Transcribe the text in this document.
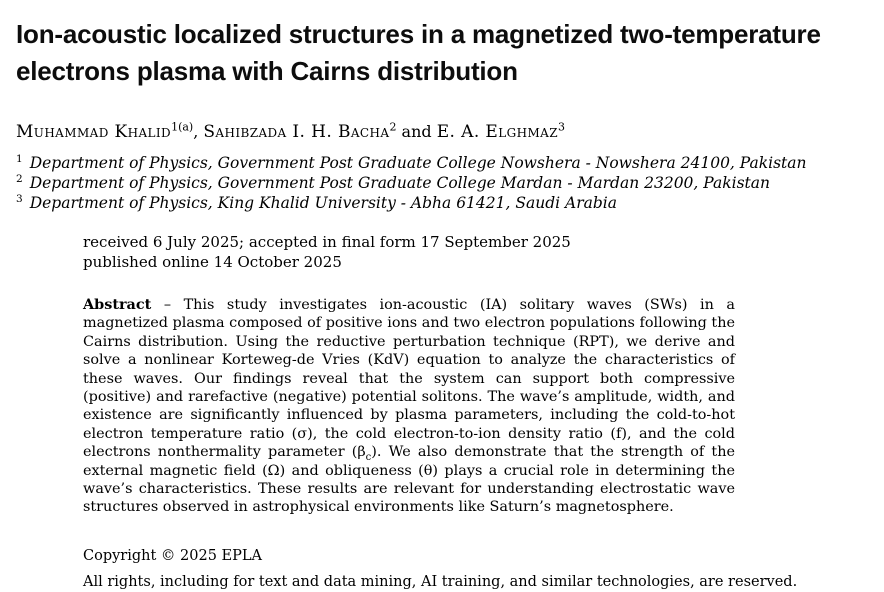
Ion-acoustic localized structures in a magnetized two-temperature
electrons plasma with Cairns distribution
Muhammad Khalid$^{1(a)}$, Sahibzada I. H. Bacha$^2$ and E. A. Elghmaz$^3$
$^1$ Department of Physics, Government Post Graduate College Nowshera - Nowshera 24100, Pakistan
$^2$ Department of Physics, Government Post Graduate College Mardan - Mardan 23200, Pakistan
$^3$ Department of Physics, King Khalid University - Abha 61421, Saudi Arabia
received 6 July 2025; accepted in final form 17 September 2025
published online 14 October 2025

Abstract – This study investigates ion-acoustic (IA) solitary waves (SWs) in a magnetized plasma composed of positive ions and two electron populations following the Cairns distribution. Using the reductive perturbation technique (RPT), we derive and solve a nonlinear Korteweg-de Vries (KdV) equation to analyze the characteristics of these waves. Our findings reveal that the system can support both compressive (positive) and rarefactive (negative) potential solitons. The wave’s amplitude, width, and existence are significantly influenced by plasma parameters, including the cold-to-hot electron temperature ratio (σ), the cold electron-to-ion density ratio (f), and the cold electrons nonthermality parameter $(\beta_c)$. We also demonstrate that the strength of the external magnetic field (Ω) and obliqueness (θ) plays a crucial role in determining the wave’s characteristics. These results are relevant for understanding electrostatic wave structures observed in astrophysical environments like Saturn’s magnetosphere.

Copyright © 2025 EPLA
All rights, including for text and data mining, AI training, and similar technologies, are reserved.
